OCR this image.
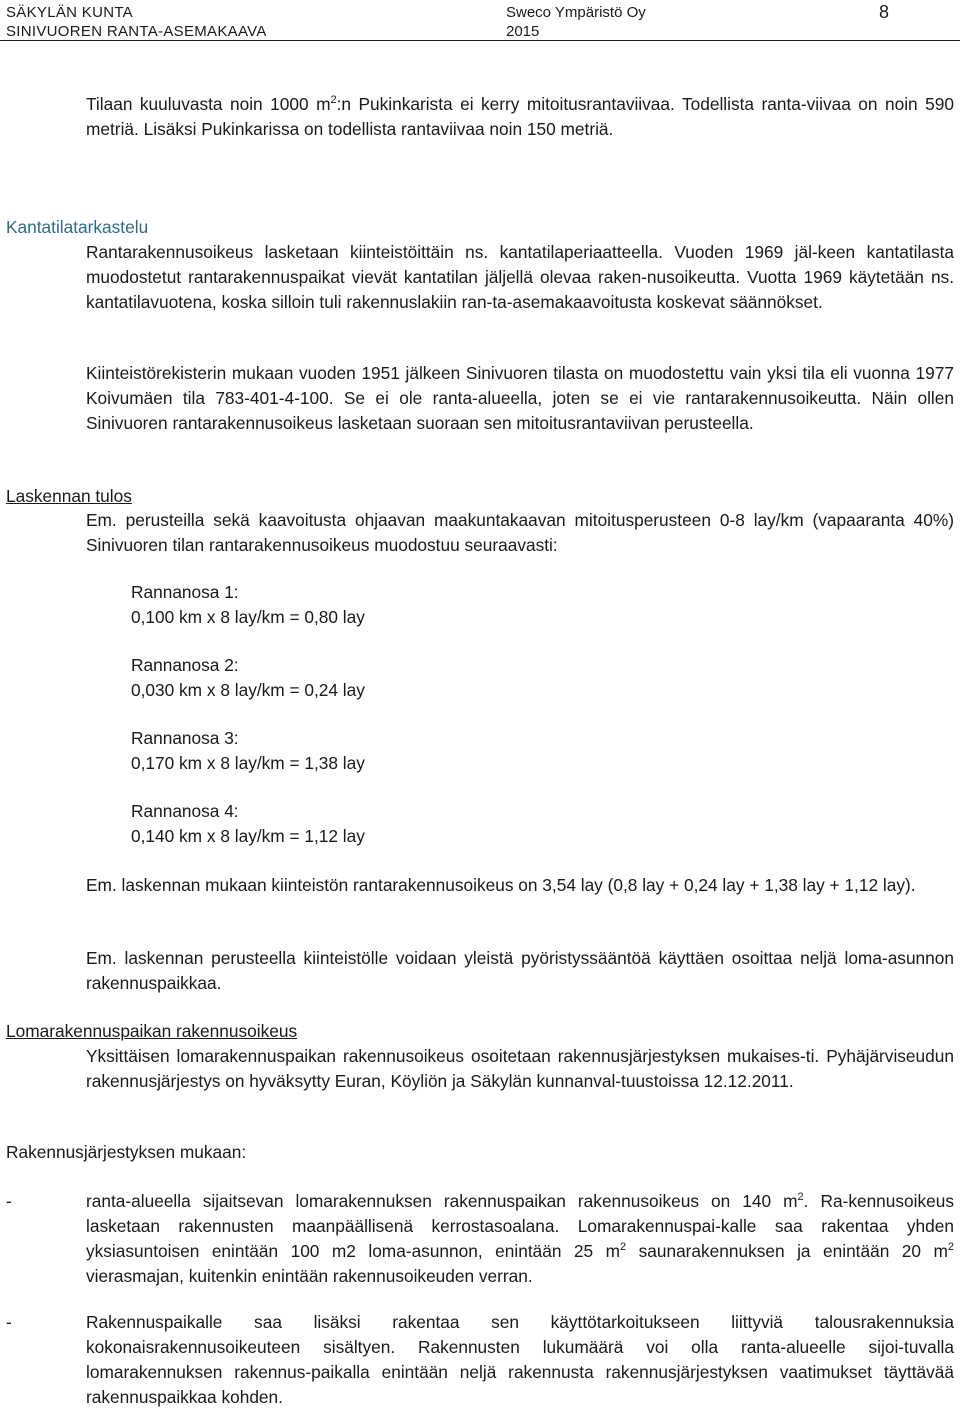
SÄKYLÄN KUNTA
SINIVUOREN RANTA-ASEMAKAAVA
Sweco Ympäristö Oy
2015
8

Tilaan kuuluvasta noin 1000 $m^2:n$ Pukinkarista ei kerry mitoitusrantaviivaa. Todellista ranta-viivaa on noin 590 metriä. Lisäksi Pukinkarissa on todellista rantaviivaa noin 150 metriä.

Kantatilatarkastelu

Rantarakennusoikeus lasketaan kiinteistöittäin ns. kantatilaperiaatteella. Vuoden 1969 jäl-keen kantatilasta muodostetut rantarakennuspaikat vievät kantatilan jäljellä olevaa raken-nusoikeutta. Vuotta 1969 käytetään ns. kantatilavuotena, koska silloin tuli rakennuslakiin ran-ta-asemakaavoitusta koskevat säännökset.

Kiinteistörekisterin mukaan vuoden 1951 jälkeen Sinivuoren tilasta on muodostettu vain yksi tila eli vuonna 1977 Koivumäen tila 783-401-4-100. Se ei ole ranta-alueella, joten se ei vie rantarakennusoikeutta. Näin ollen Sinivuoren rantarakennusoikeus lasketaan suoraan sen mitoitusrantaviivan perusteella.

Laskennan tulos

Em. perusteilla sekä kaavoitusta ohjaavan maakuntakaavan mitoitusperusteen 0-8 lay/km (vapaaranta 40%) Sinivuoren tilan rantarakennusoikeus muodostuu seuraavasti:

Rannanosa 1:

0,100 km x 8 lay/km = 0,80 lay

Rannanosa 2:

0,030 km x 8 lay/km = 0,24 lay

Rannanosa 3:

0,170 km x 8 lay/km = 1,38 lay

Rannanosa 4:

0,140 km x 8 lay/km = 1,12 lay

Em. laskennan mukaan kiinteistön rantarakennusoikeus on 3,54 lay (0,8 lay + 0,24 lay + 1,38 lay + 1,12 lay).

Em. laskennan perusteella kiinteistölle voidaan yleistä pyöristyssääntöä käyttäen osoittaa neljä loma-asunnon rakennuspaikkaa.

Lomarakennuspaikan rakennusoikeus

Yksittäisen lomarakennuspaikan rakennusoikeus osoitetaan rakennusjärjestyksen mukaises-ti. Pyhäjärviseudun rakennusjärjestys on hyväksytty Euran, Köyliön ja Säkylän kunnanval-tuustoissa 12.12.2011.

Rakennusjärjestyksen mukaan:

-	ranta-alueella sijaitsevan lomarakennuksen rakennuspaikan rakennusoikeus on 140 $m^2$. Ra-kennusoikeus lasketaan rakennusten maanpäällisenä kerrostasoalana. Lomarakennuspai-kalle saa rakentaa yhden yksiasuntoisen enintään 100 m2 loma-asunnon, enintään 25 $m^2$ saunarakennuksen ja enintään 20 $m^2$ vierasmajan, kuitenkin enintään rakennusoikeuden verran.

-	Rakennuspaikalle saa lisäksi rakentaa sen käyttötarkoitukseen liittyviä talousrakennuksia kokonaisrakennusoikeuteen sisältyen. Rakennusten lukumäärä voi olla ranta-alueelle sijoi-tuvalla lomarakennuksen rakennus-paikalla enintään neljä rakennusta rakennusjärjestyksen vaatimukset täyttävää rakennuspaikkaa kohden.
